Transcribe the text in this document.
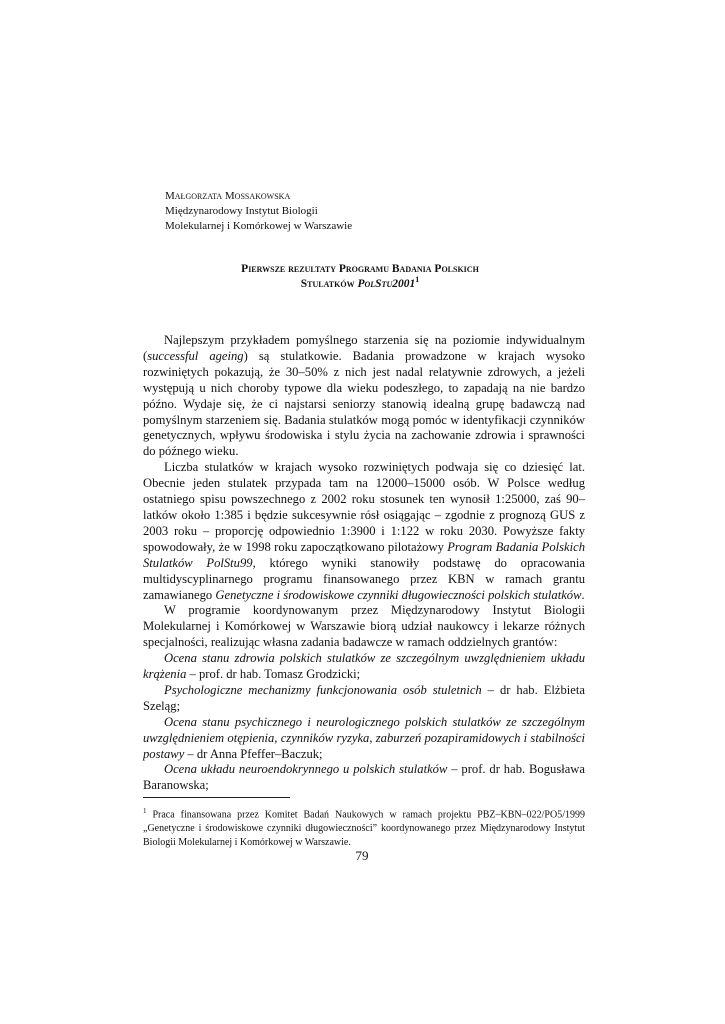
Małgorzata Mossakowska
Międzynarodowy Instytut Biologii
Molekularnej i Komórkowej w Warszawie
Pierwsze rezultaty Programu Badania Polskich
Stulatków PolStu2001$^1$

Najlepszym przykładem pomyślnego starzenia się na poziomie indywidualnym (successful ageing) są stulatkowie. Badania prowadzone w krajach wysoko rozwiniętych pokazują, że 30–50% z nich jest nadal relatywnie zdrowych, a jeżeli występują u nich choroby typowe dla wieku podeszłego, to zapadają na nie bardzo późno. Wydaje się, że ci najstarsi seniorzy stanowią idealną grupę badawczą nad pomyślnym starzeniem się. Badania stulatków mogą pomóc w identyfikacji czynników genetycznych, wpływu środowiska i stylu życia na zachowanie zdrowia i sprawności do późnego wieku.

Liczba stulatków w krajach wysoko rozwiniętych podwaja się co dziesięć lat. Obecnie jeden stulatek przypada tam na 12000–15000 osób. W Polsce według ostatniego spisu powszechnego z 2002 roku stosunek ten wynosił 1:25000, zaś 90–latków około 1:385 i będzie sukcesywnie rósł osiągając – zgodnie z prognozą GUS z 2003 roku – proporcję odpowiednio 1:3900 i 1:122 w roku 2030. Powyższe fakty spowodowały, że w 1998 roku zapoczątkowano pilotażowy Program Badania Polskich Stulatków PolStu99, którego wyniki stanowiły podstawę do opracowania multidyscyplinarnego programu finansowanego przez KBN w ramach grantu zamawianego Genetyczne i środowiskowe czynniki długowieczności polskich stulatków.

W programie koordynowanym przez Międzynarodowy Instytut Biologii Molekularnej i Komórkowej w Warszawie biorą udział naukowcy i lekarze różnych specjalności, realizując własna zadania badawcze w ramach oddzielnych grantów:

Ocena stanu zdrowia polskich stulatków ze szczególnym uwzględnieniem układu krążenia – prof. dr hab. Tomasz Grodzicki;

Psychologiczne mechanizmy funkcjonowania osób stuletnich – dr hab. Elżbieta Szeląg;

Ocena stanu psychicznego i neurologicznego polskich stulatków ze szczególnym uwzględnieniem otępienia, czynników ryzyka, zaburzeń pozapiramidowych i stabilności postawy – dr Anna Pfeffer–Baczuk;

Ocena układu neuroendokrynnego u polskich stulatków – prof. dr hab. Bogusława Baranowska;

$^1$ Praca finansowana przez Komitet Badań Naukowych w ramach projektu PBZ–KBN–022/PO5/1999 „Genetyczne i środowiskowe czynniki długowieczności” koordynowanego przez Międzynarodowy Instytut Biologii Molekularnej i Komórkowej w Warszawie.
79
